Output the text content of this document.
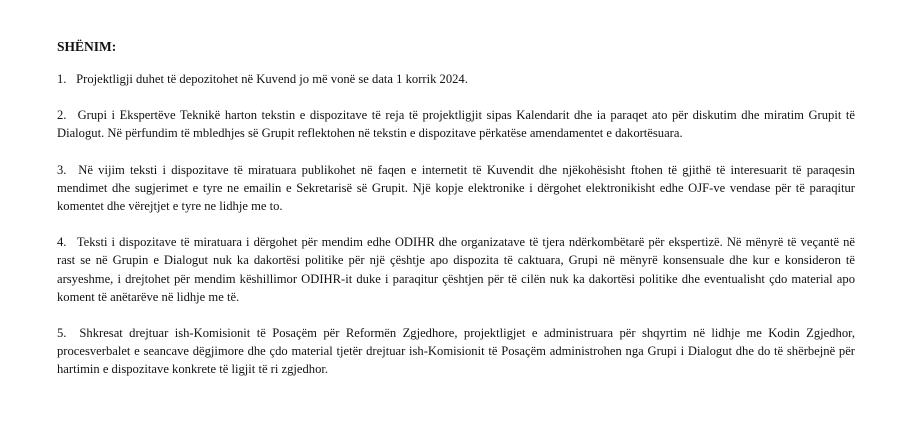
SHËNIM:
1. Projektligji duhet të depozitohet në Kuvend jo më vonë se data 1 korrik 2024.
2. Grupi i Ekspertëve Teknikë harton tekstin e dispozitave të reja të projektligjit sipas Kalendarit dhe ia paraqet ato për diskutim dhe miratim Grupit të Dialogut. Në përfundim të mbledhjes së Grupit reflektohen në tekstin e dispozitave përkatëse amendamentet e dakortësuara.
3. Në vijim teksti i dispozitave të miratuara publikohet në faqen e internetit të Kuvendit dhe njëkohësisht ftohen të gjithë të interesuarit të paraqesin mendimet dhe sugjerimet e tyre ne emailin e Sekretarisë së Grupit. Një kopje elektronike i dërgohet elektronikisht edhe OJF-ve vendase për të paraqitur komentet dhe vërejtjet e tyre ne lidhje me to.
4. Teksti i dispozitave të miratuara i dërgohet për mendim edhe ODIHR dhe organizatave të tjera ndërkombëtarë për ekspertizë. Në mënyrë të veçantë në rast se në Grupin e Dialogut nuk ka dakortësi politike për një çështje apo dispozita të caktuara, Grupi në mënyrë konsensuale dhe kur e konsideron të arsyeshme, i drejtohet për mendim këshillimor ODIHR-it duke i paraqitur çështjen për të cilën nuk ka dakortësi politike dhe eventualisht çdo material apo koment të anëtarëve në lidhje me të.
5. Shkresat drejtuar ish-Komisionit të Posaçëm për Reformën Zgjedhore, projektligjet e administruara për shqyrtim në lidhje me Kodin Zgjedhor, procesverbalet e seancave dëgjimore dhe çdo material tjetër drejtuar ish-Komisionit të Posaçëm administrohen nga Grupi i Dialogut dhe do të shërbejnë për hartimin e dispozitave konkrete të ligjit të ri zgjedhor.
